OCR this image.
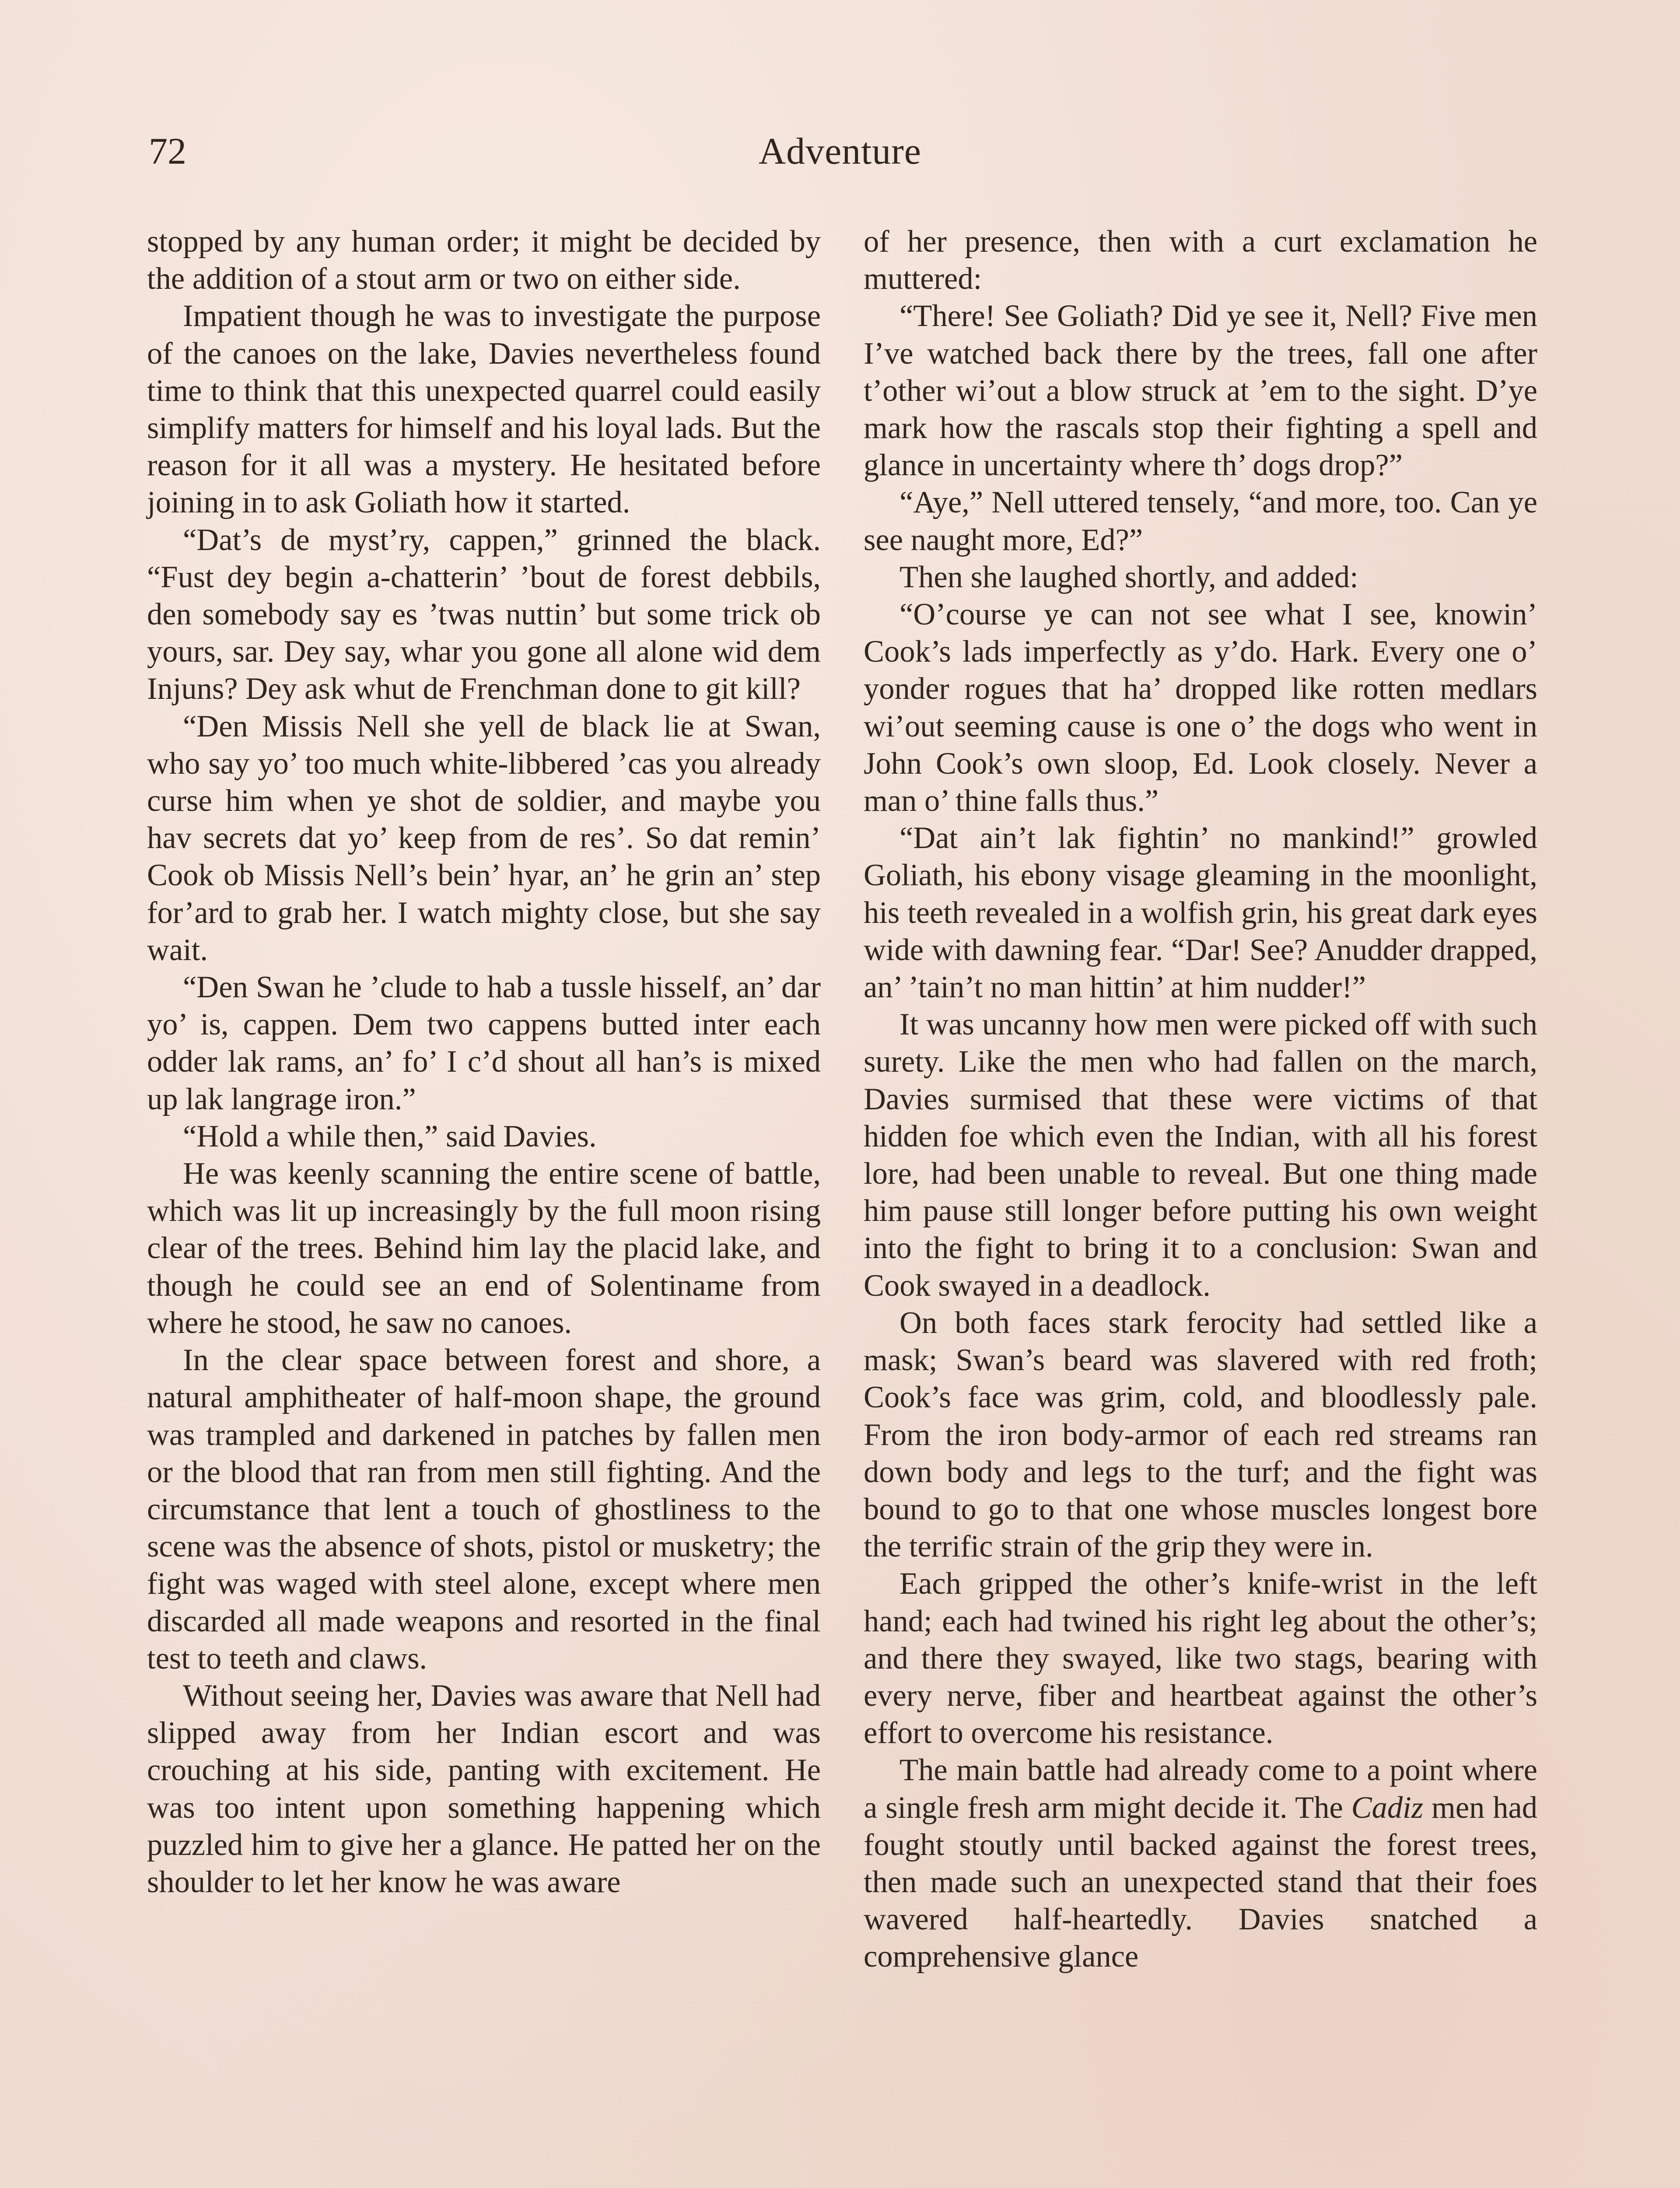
72	Adventure

stopped by any human order; it might be decided by the addition of a stout arm or two on either side.

Impatient though he was to investigate the purpose of the canoes on the lake, Davies nevertheless found time to think that this unexpected quarrel could easily simplify matters for himself and his loyal lads. But the reason for it all was a mystery. He hesitated before joining in to ask Goliath how it started.

“Dat’s de myst’ry, cappen,” grinned the black. “Fust dey begin a-chatterin’ ’bout de forest debbils, den somebody say es ’twas nuttin’ but some trick ob yours, sar. Dey say, whar you gone all alone wid dem Injuns? Dey ask whut de Frenchman done to git kill?

“Den Missis Nell she yell de black lie at Swan, who say yo’ too much white-libbered ’cas you already curse him when ye shot de soldier, and maybe you hav secrets dat yo’ keep from de res’. So dat remin’ Cook ob Missis Nell’s bein’ hyar, an’ he grin an’ step for’ard to grab her. I watch mighty close, but she say wait.

“Den Swan he ’clude to hab a tussle hisself, an’ dar yo’ is, cappen. Dem two cappens butted inter each odder lak rams, an’ fo’ I c’d shout all han’s is mixed up lak langrage iron.”

“Hold a while then,” said Davies.

He was keenly scanning the entire scene of battle, which was lit up increasingly by the full moon rising clear of the trees. Behind him lay the placid lake, and though he could see an end of Solentiname from where he stood, he saw no canoes.

In the clear space between forest and shore, a natural amphitheater of half-moon shape, the ground was trampled and darkened in patches by fallen men or the blood that ran from men still fighting. And the circumstance that lent a touch of ghostliness to the scene was the absence of shots, pistol or musketry; the fight was waged with steel alone, except where men discarded all made weapons and resorted in the final test to teeth and claws.

Without seeing her, Davies was aware that Nell had slipped away from her Indian escort and was crouching at his side, panting with excitement. He was too intent upon something happening which puzzled him to give her a glance. He patted her on the shoulder to let her know he was aware

of her presence, then with a curt exclamation he muttered:

“There! See Goliath? Did ye see it, Nell? Five men I’ve watched back there by the trees, fall one after t’other wi’out a blow struck at ’em to the sight. D’ye mark how the rascals stop their fighting a spell and glance in uncertainty where th’ dogs drop?”

“Aye,” Nell uttered tensely, “and more, too. Can ye see naught more, Ed?”

Then she laughed shortly, and added:

“O’course ye can not see what I see, knowin’ Cook’s lads imperfectly as y’do. Hark. Every one o’ yonder rogues that ha’ dropped like rotten medlars wi’out seeming cause is one o’ the dogs who went in John Cook’s own sloop, Ed. Look closely. Never a man o’ thine falls thus.”

“Dat ain’t lak fightin’ no mankind!” growled Goliath, his ebony visage gleaming in the moonlight, his teeth revealed in a wolfish grin, his great dark eyes wide with dawning fear. “Dar! See? Anudder drapped, an’ ’tain’t no man hittin’ at him nudder!”

It was uncanny how men were picked off with such surety. Like the men who had fallen on the march, Davies surmised that these were victims of that hidden foe which even the Indian, with all his forest lore, had been unable to reveal. But one thing made him pause still longer before putting his own weight into the fight to bring it to a conclusion: Swan and Cook swayed in a deadlock.

On both faces stark ferocity had settled like a mask; Swan’s beard was slavered with red froth; Cook’s face was grim, cold, and bloodlessly pale. From the iron body-armor of each red streams ran down body and legs to the turf; and the fight was bound to go to that one whose muscles longest bore the terrific strain of the grip they were in.

Each gripped the other’s knife-wrist in the left hand; each had twined his right leg about the other’s; and there they swayed, like two stags, bearing with every nerve, fiber and heartbeat against the other’s effort to overcome his resistance.

The main battle had already come to a point where a single fresh arm might decide it. The Cadiz men had fought stoutly until backed against the forest trees, then made such an unexpected stand that their foes wavered half-heartedly. Davies snatched a comprehensive glance
